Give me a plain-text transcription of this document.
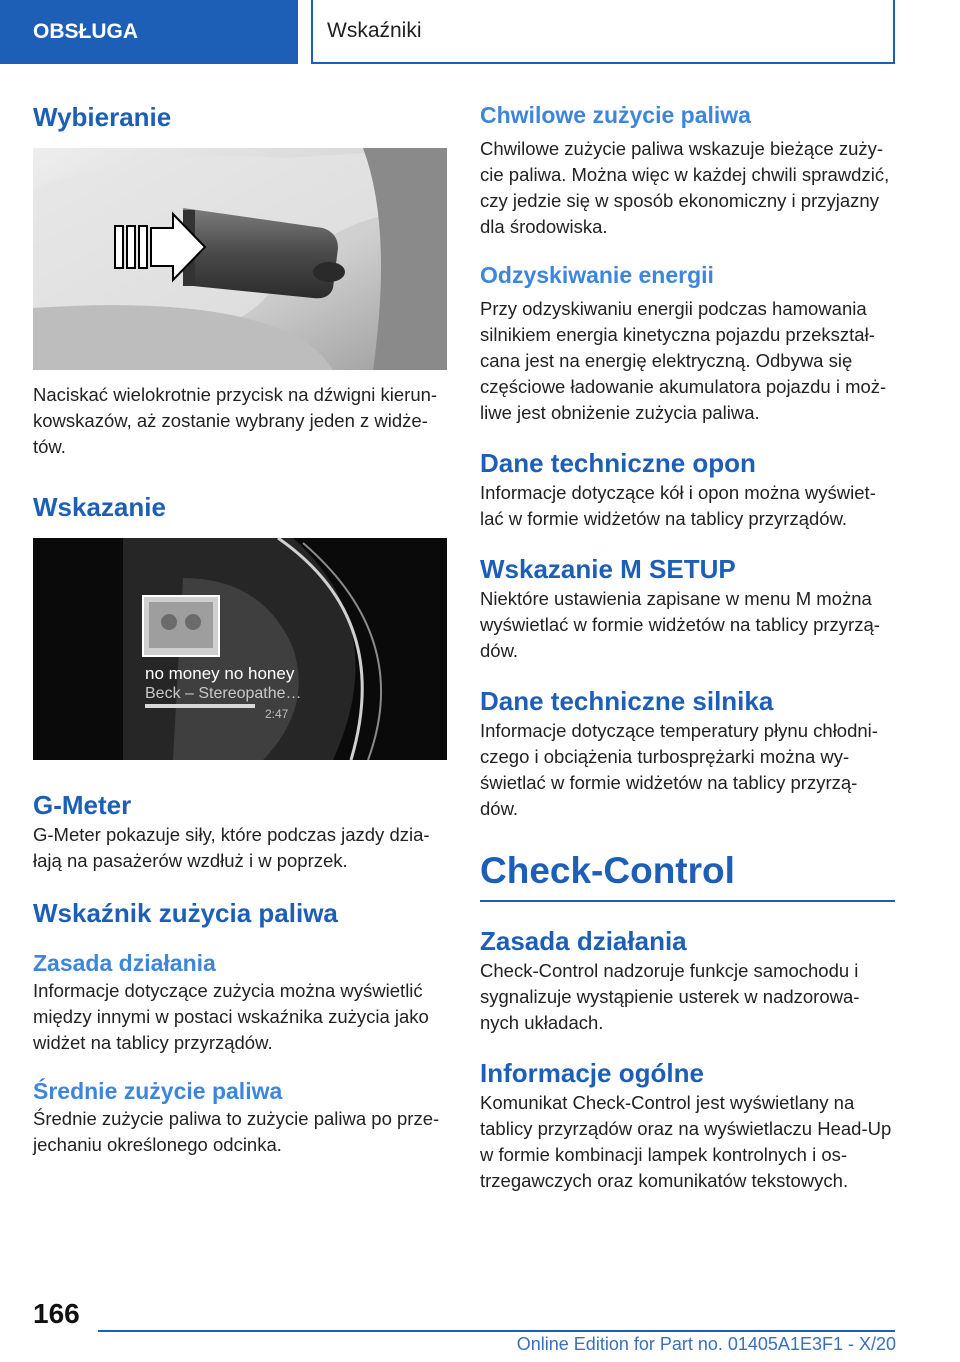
OBSŁUGA	Wskaźniki
Wybieranie

Naciskać wielokrotnie przycisk na dźwigni kierun-kowskazów, aż zostanie wybrany jeden z widże-tów.

Wskazanie
no money no honey
Beck – Stereopathe…
2:47
G-Meter

G-Meter pokazuje siły, które podczas jazdy dzia-łają na pasażerów wzdłuż i w poprzek.

Wskaźnik zużycia paliwa
Zasada działania

Informacje dotyczące zużycia można wyświetlić między innymi w postaci wskaźnika zużycia jako widżet na tablicy przyrządów.

Średnie zużycie paliwa

Średnie zużycie paliwa to zużycie paliwa po prze-jechaniu określonego odcinka.

Chwilowe zużycie paliwa

Chwilowe zużycie paliwa wskazuje bieżące zuży-cie paliwa. Można więc w każdej chwili sprawdzić, czy jedzie się w sposób ekonomiczny i przyjazny dla środowiska.

Odzyskiwanie energii

Przy odzyskiwaniu energii podczas hamowania silnikiem energia kinetyczna pojazdu przekształ-cana jest na energię elektryczną. Odbywa się częściowe ładowanie akumulatora pojazdu i moż-liwe jest obniżenie zużycia paliwa.

Dane techniczne opon

Informacje dotyczące kół i opon można wyświet-lać w formie widżetów na tablicy przyrządów.

Wskazanie M SETUP

Niektóre ustawienia zapisane w menu M można wyświetlać w formie widżetów na tablicy przyrzą-dów.

Dane techniczne silnika

Informacje dotyczące temperatury płynu chłodni-czego i obciążenia turbosprężarki można wy-świetlać w formie widżetów na tablicy przyrzą-dów.

Check-Control
Zasada działania

Check-Control nadzoruje funkcje samochodu i sygnalizuje wystąpienie usterek w nadzorowa-nych układach.

Informacje ogólne

Komunikat Check-Control jest wyświetlany na tablicy przyrządów oraz na wyświetlaczu Head-Up w formie kombinacji lampek kontrolnych i os-trzegawczych oraz komunikatów tekstowych.

166
Online Edition for Part no. 01405A1E3F1 - X/20
